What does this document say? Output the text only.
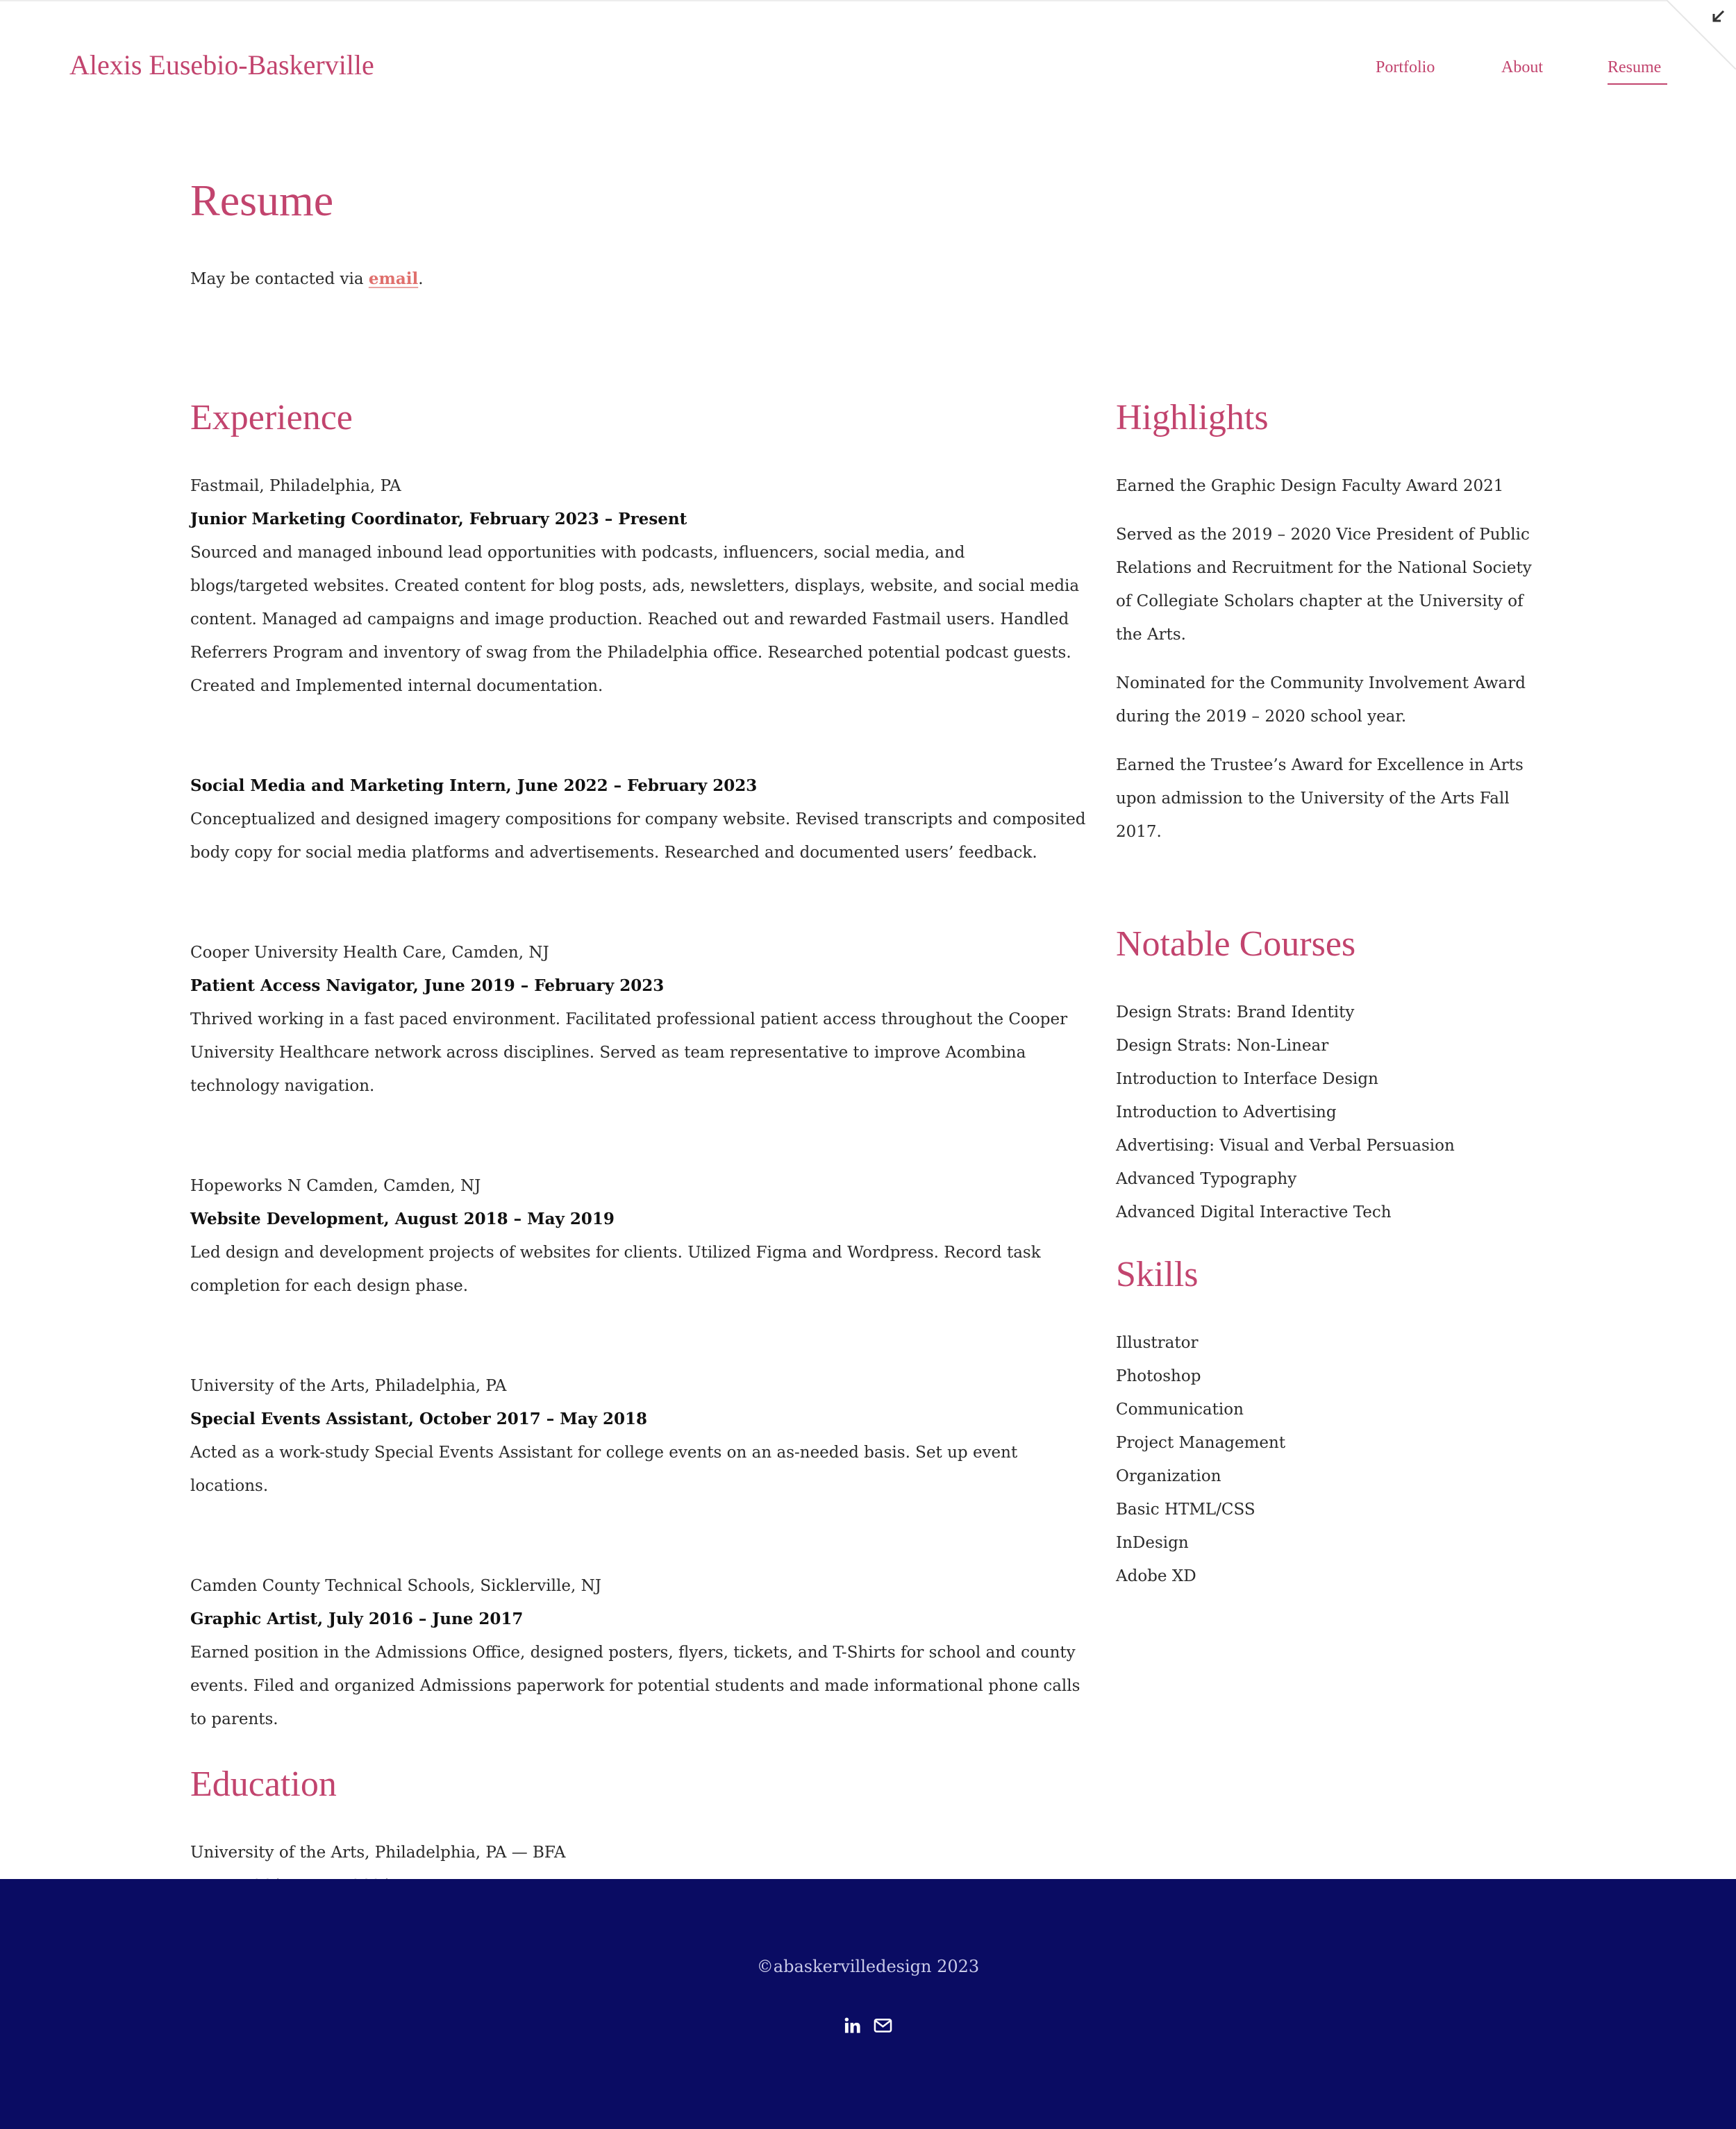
Alexis Eusebio-Baskerville	Portfolio	About	Resume
Resume
May be contacted via email.
Experience
Fastmail, Philadelphia, PA
Junior Marketing Coordinator, February 2023 – Present
Sourced and managed inbound lead opportunities with podcasts, influencers, social media, and blogs/targeted websites. Created content for blog posts, ads, newsletters, displays, website, and social media content. Managed ad campaigns and image production. Reached out and rewarded Fastmail users. Handled Referrers Program and inventory of swag from the Philadelphia office. Researched potential podcast guests. Created and Implemented internal documentation.
Social Media and Marketing Intern, June 2022 – February 2023
Conceptualized and designed imagery compositions for company website. Revised transcripts and composited body copy for social media platforms and advertisements. Researched and documented users’ feedback.
Cooper University Health Care, Camden, NJ
Patient Access Navigator, June 2019 – February 2023
Thrived working in a fast paced environment. Facilitated professional patient access throughout the Cooper University Healthcare network across disciplines. Served as team representative to improve Acombina technology navigation.
Hopeworks N Camden, Camden, NJ
Website Development, August 2018 – May 2019
Led design and development projects of websites for clients. Utilized Figma and Wordpress. Record task completion for each design phase.
University of the Arts, Philadelphia, PA
Special Events Assistant, October 2017 – May 2018
Acted as a work-study Special Events Assistant for college events on an as-needed basis. Set up event locations.
Camden County Technical Schools, Sicklerville, NJ
Graphic Artist, July 2016 – June 2017
Earned position in the Admissions Office, designed posters, flyers, tickets, and T-Shirts for school and county events. Filed and organized Admissions paperwork for potential students and made informational phone calls to parents.
Education
University of the Arts, Philadelphia, PA — BFA
Highlights
Earned the Graphic Design Faculty Award 2021
Served as the 2019 – 2020 Vice President of Public Relations and Recruitment for the National Society of Collegiate Scholars chapter at the University of the Arts.
Nominated for the Community Involvement Award during the 2019 – 2020 school year.
Earned the Trustee’s Award for Excellence in Arts upon admission to the University of the Arts Fall 2017.
Notable Courses
Design Strats: Brand Identity
Design Strats: Non-Linear
Introduction to Interface Design
Introduction to Advertising
Advertising: Visual and Verbal Persuasion
Advanced Typography
Advanced Digital Interactive Tech
Skills
Illustrator
Photoshop
Communication
Project Management
Organization
Basic HTML/CSS
InDesign
Adobe XD
©abaskervilledesign 2023
